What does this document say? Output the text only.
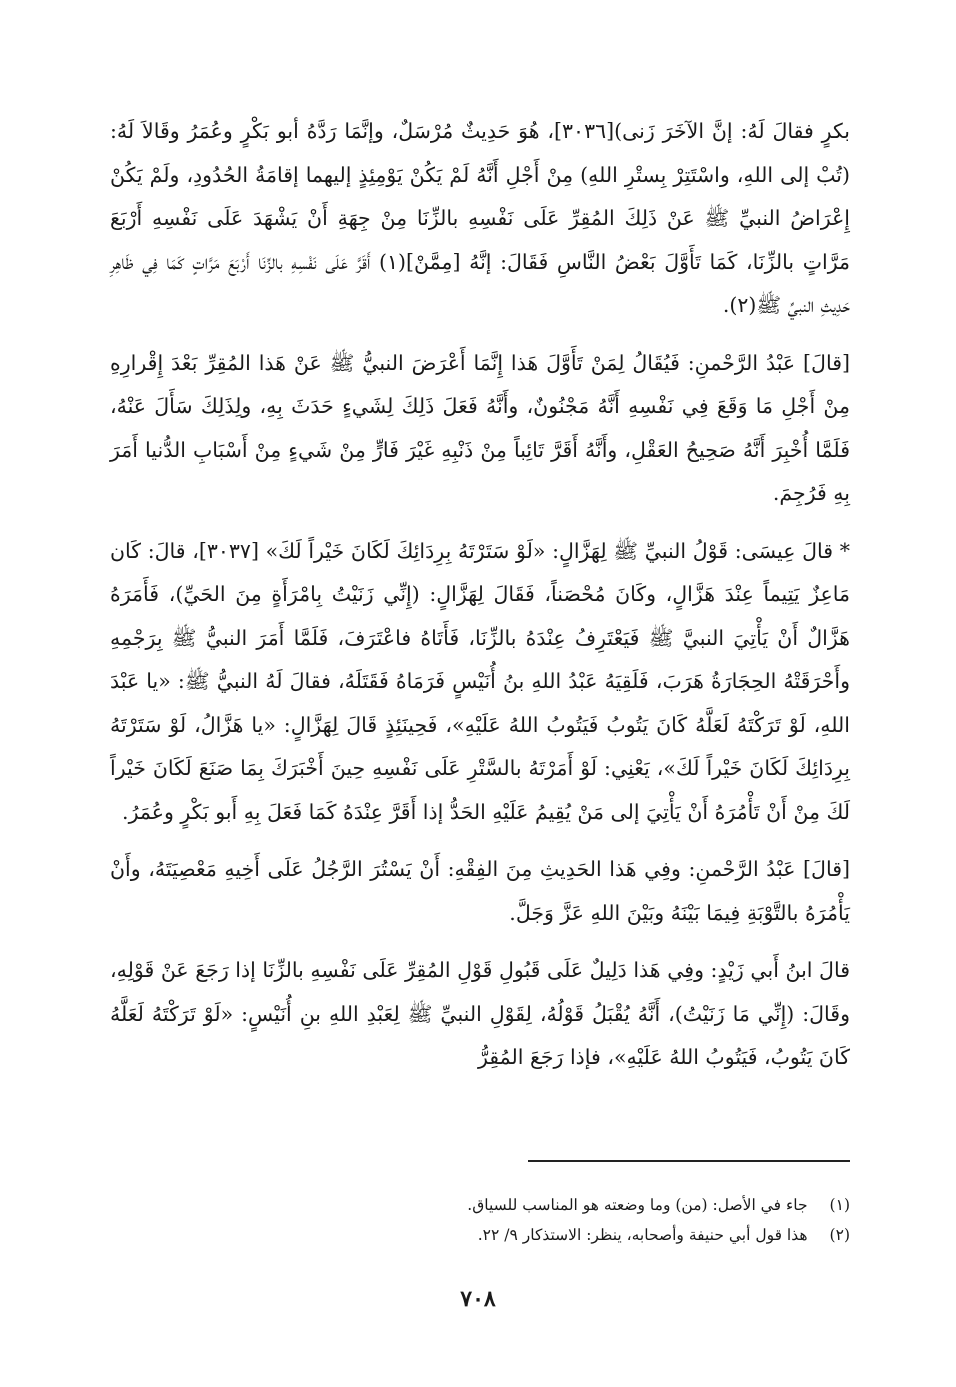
بكرٍ فقالَ لَهُ: إنَّ الآخَرَ زَنى)[٣٠٣٦]، هُوَ حَدِيثٌ مُرْسَلٌ، وإنَّمَا رَدَّهُ أبو بَكْرٍ وعُمَرُ وقَالاَ لَهُ: (تُبْ إلى اللهِ، واسْتَتِرْ بِستْرِ اللهِ) مِنْ أَجْلِ أَنَّهُ لَمْ يَكُنْ يَوْمِئِذٍ إليهما إقامَةُ الحُدُودِ، ولَمْ يَكُنْ إِعْرَاضُ النبيِّ ﷺ عَنْ ذَلِكَ المُقِرِّ عَلَى نَفْسِهِ بالزِّنَا مِنْ جِهَةِ أَنْ يَشْهَدَ عَلَى نَفْسِهِ أَرْبَعَ مَرَّاتٍ بالزِّنَا، كَمَا تَأَوَّلَ بَعْضُ النَّاسِ فَقَالَ: إنَّهُ [مِمَّنْ](١) أَقَرَّ عَلَى نَفْسِهِ بالزِّنَا أَرْبَعَ مَرَّاتٍ كَمَا فِي ظَاهِرِ حَدِيثِ النبيِّ ﷺ(٢).

[قالَ] عَبْدُ الرَّحْمنِ: فَيُقَالُ لِمَنْ تَأَوَّلَ هَذا إِنَّمَا أَعْرَضَ النبيُّ ﷺ عَنْ هَذا المُقِرِّ بَعْدَ إِقْرارِهِ مِنْ أَجْلِ مَا وَقَعَ فِي نَفْسِهِ أَنَّهُ مَجْنُونٌ، وأَنَّهُ فَعَلَ ذَلِكَ لِشَيءٍ حَدَثَ بِهِ، ولِذَلِكَ سَأَلَ عَنْهُ، فَلَمَّا أُخْبِرَ أَنَّهُ صَحِيحُ العَقْلِ، وأَنَّهُ أَقَرَّ تَائِباً مِنْ ذَنْبِهِ غَيْرَ فَارٍّ مِنْ شَيءٍ مِنْ أَسْبَابِ الدُّنيا أَمَرَ بِهِ فَرُجِمَ.

* قالَ عِيسَى: قَوْلُ النبيِّ ﷺ لِهَزَّالٍ: «لَوْ سَتَرْتَهُ بِرِدَائِكَ لَكَانَ خَيْراً لَكَ» [٣٠٣٧]، قالَ: كَان مَاعِزٌ يَتِيماً عِنْدَ هَزَّالٍ، وكَانَ مُحْصَناً، فَقَالَ لِهَزَّالٍ: (إِنِّي زَنَيْتُ بِامْرَأَةٍ مِنَ الحَيِّ)، فَأَمَرَهُ هَزَّالٌ أَنْ يَأْتِيَ النبيَّ ﷺ فَيَعْتَرِفُ عِنْدَهُ بالزِّنَا، فَأَتَاهُ فاعْتَرَفَ، فَلَمَّا أَمَرَ النبيُّ ﷺ بِرَجْمِهِ وأَحْرَقَتْهُ الحِجَارَةُ هَرَبَ، فَلَقِيَهُ عَبْدُ اللهِ بنُ أُنَيْسٍ فَرَمَاهُ فَقَتَلَهُ، فقالَ لَهُ النبيُّ ﷺ: «يا عَبْدَ اللهِ، لَوْ تَرَكْتَهُ لَعَلَّهُ كَانَ يَتُوبُ فَيَتُوبُ اللهُ عَلَيْهِ»، فَحِينَئِذٍ قَالَ لِهَزَّالٍ: «يا هَزَّالُ، لَوْ سَتَرْتَهُ بِرِدَائِكَ لَكَانَ خَيْراً لَكَ»، يَعْنِي: لَوْ أَمَرْتَهُ بالسَّتْرِ عَلَى نَفْسِهِ حِينَ أَخْبَرَكَ بِمَا صَنَعَ لَكَانَ خَيْراً لَكَ مِنْ أَنْ تَأْمُرَهُ أَنْ يَأْتِيَ إلى مَنْ يُقِيمُ عَلَيْهِ الحَدُّ إذا أَقَرَّ عِنْدَهُ كَمَا فَعَلَ بِهِ أَبو بَكْرٍ وعُمَرُ.

[قالَ] عَبْدُ الرَّحْمنِ: وفِي هَذا الحَدِيثِ مِنَ الفِقْهِ: أَنْ يَسْتُرَ الرَّجُلُ عَلَى أَخِيهِ مَعْصِيَتَهُ، وأَنْ يَأْمُرَهُ بالتَّوْبَةِ فِيمَا بَيْنَهُ وبَيْنَ اللهِ عَزَّ وَجَلَّ.

قالَ ابنُ أَبي زَيْدٍ: وفِي هَذا دَلِيلٌ عَلَى قَبُولِ قَوْلِ المُقِرِّ عَلَى نَفْسِهِ بالزِّنَا إذا رَجَعَ عَنْ قَوْلِهِ، وقَالَ: (إِنِّي مَا زَنَيْتُ)، أَنَّهُ يُقْبَلُ قَوْلُهُ، لِقَوْلِ النبيِّ ﷺ لِعَبْدِ اللهِ بنِ أُنَيْسٍ: «لَوْ تَرَكْتَهُ لَعَلَّهُ كَانَ يَتُوبُ، فَيَتُوبُ اللهُ عَلَيْهِ»، فإذا رَجَعَ المُقِرُّ

(١)جاء في الأصل: (من) وما وضعته هو المناسب للسياق.

(٢)هذا قول أبي حنيفة وأصحابه، ينظر: الاستذكار ٩/ ٢٢.

٧٠٨
